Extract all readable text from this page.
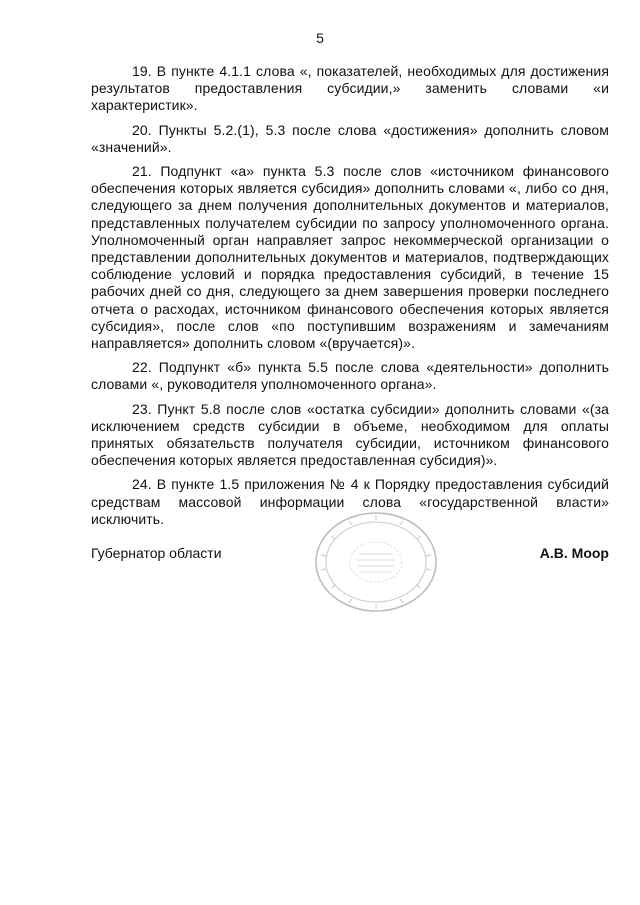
5

19. В пункте 4.1.1 слова «, показателей, необходимых для достижения результатов предоставления субсидии,» заменить словами «и характеристик».

20. Пункты 5.2.(1), 5.3 после слова «достижения» дополнить словом «значений».

21. Подпункт «а» пункта 5.3 после слов «источником финансового обеспечения которых является субсидия» дополнить словами «, либо со дня, следующего за днем получения дополнительных документов и материалов, представленных получателем субсидии по запросу уполномоченного органа. Уполномоченный орган направляет запрос некоммерческой организации о представлении дополнительных документов и материалов, подтверждающих соблюдение условий и порядка предоставления субсидий, в течение 15 рабочих дней со дня, следующего за днем завершения проверки последнего отчета о расходах, источником финансового обеспечения которых является субсидия», после слов «по поступившим возражениям и замечаниям направляется» дополнить словом «(вручается)».

22. Подпункт «б» пункта 5.5 после слова «деятельности» дополнить словами «, руководителя уполномоченного органа».

23. Пункт 5.8 после слов «остатка субсидии» дополнить словами «(за исключением средств субсидии в объеме, необходимом для оплаты принятых обязательств получателя субсидии, источником финансового обеспечения которых является предоставленная субсидия)».

24. В пункте 1.5 приложения № 4 к Порядку предоставления субсидий средствам массовой информации слова «государственной власти» исключить.

Губернатор области	А.В. Моор
